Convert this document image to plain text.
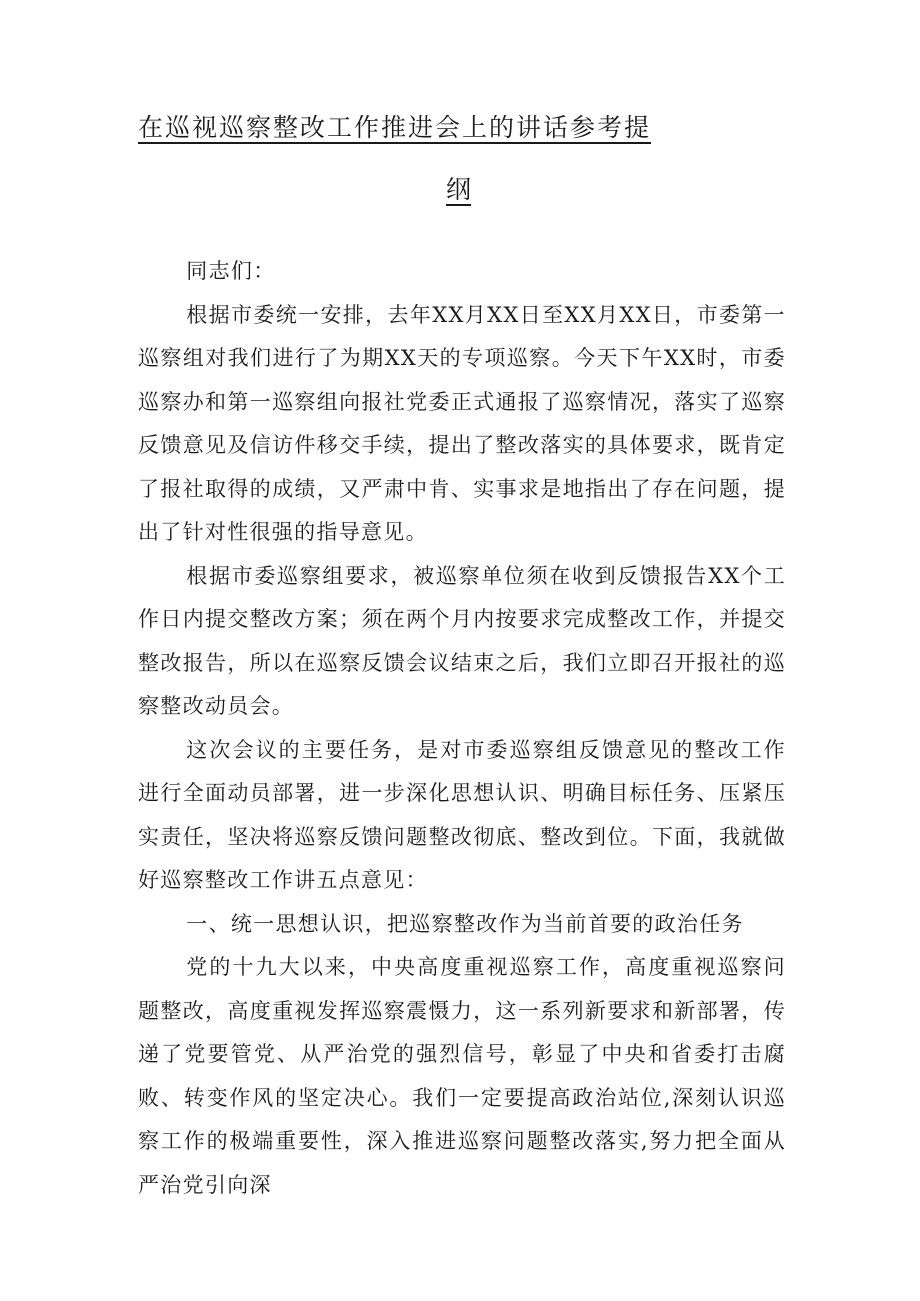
在巡视巡察整改工作推进会上的讲话参考提
纲

同志们：

根据市委统一安排，去年XX月XX日至XX月XX日，市委第一巡察组对我们进行了为期XX天的专项巡察。今天下午XX时，市委巡察办和第一巡察组向报社党委正式通报了巡察情况，落实了巡察反馈意见及信访件移交手续，提出了整改落实的具体要求，既肯定了报社取得的成绩，又严肃中肯、实事求是地指出了存在问题，提出了针对性很强的指导意见。

根据市委巡察组要求，被巡察单位须在收到反馈报告XX个工作日内提交整改方案；须在两个月内按要求完成整改工作，并提交整改报告，所以在巡察反馈会议结束之后，我们立即召开报社的巡察整改动员会。

这次会议的主要任务，是对市委巡察组反馈意见的整改工作进行全面动员部署，进一步深化思想认识、明确目标任务、压紧压实责任，坚决将巡察反馈问题整改彻底、整改到位。下面，我就做好巡察整改工作讲五点意见：

一、统一思想认识，把巡察整改作为当前首要的政治任务

党的十九大以来，中央高度重视巡察工作，高度重视巡察问题整改，高度重视发挥巡察震慑力，这一系列新要求和新部署，传递了党要管党、从严治党的强烈信号，彰显了中央和省委打击腐败、转变作风的坚定决心。我们一定要提高政治站位,深刻认识巡察工作的极端重要性，深入推进巡察问题整改落实,努力把全面从严治党引向深
